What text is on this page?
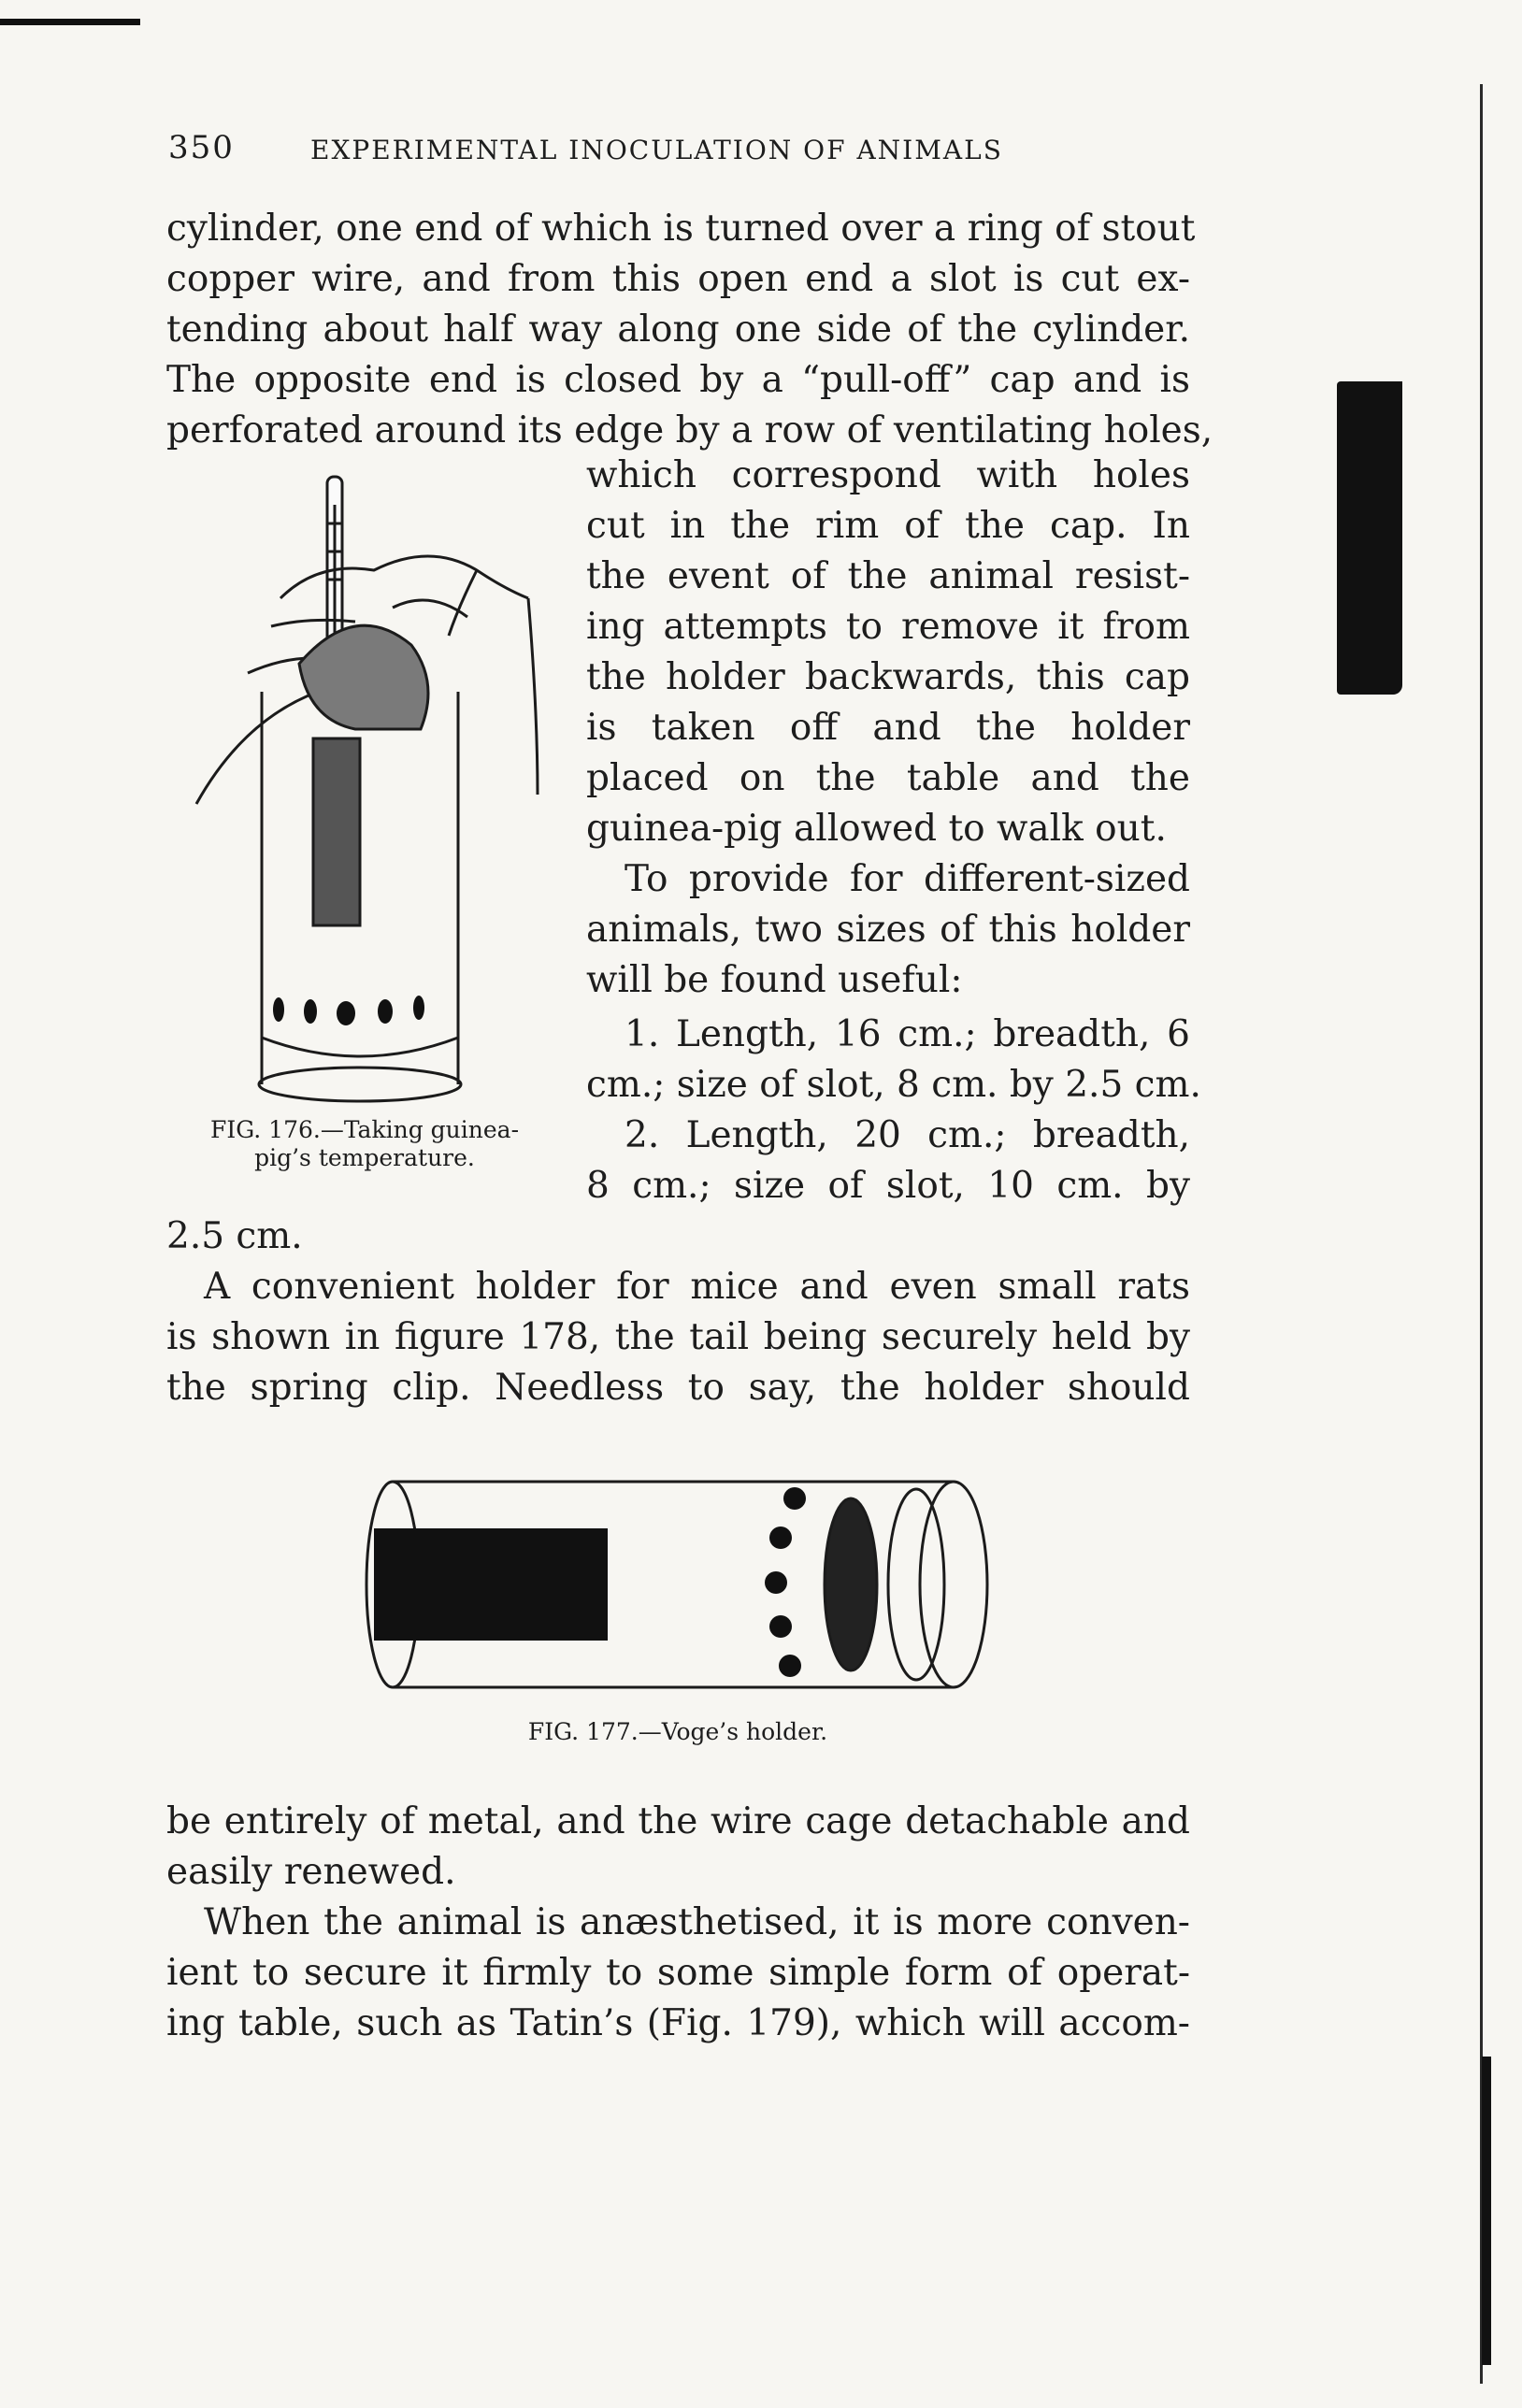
350	EXPERIMENTAL INOCULATION OF ANIMALS
cylinder, one end of which is turned over a ring of stout
copper wire, and from this open end a slot is cut ex-
tending about half way along one side of the cylinder.
The opposite end is closed by a “pull-off” cap and is
perforated around its edge by a row of ventilating holes,
which correspond with holes
cut in the rim of the cap. In
the event of the animal resist-
ing attempts to remove it from
the holder backwards, this cap
is taken off and the holder
placed on the table and the
guinea-pig allowed to walk out.
To provide for different-sized
animals, two sizes of this holder
will be found useful:
1. Length, 16 cm.; breadth, 6
cm.; size of slot, 8 cm. by 2.5 cm.
2. Length, 20 cm.; breadth,
8 cm.; size of slot, 10 cm. by
FIG. 176.—Taking guinea-
pig’s temperature.
2.5 cm.
A convenient holder for mice and even small rats
is shown in figure 178, the tail being securely held by
the spring clip. Needless to say, the holder should
FIG. 177.—Voge’s holder.
be entirely of metal, and the wire cage detachable and
easily renewed.
When the animal is anæsthetised, it is more conven-
ient to secure it firmly to some simple form of operat-
ing table, such as Tatin’s (Fig. 179), which will accom-
